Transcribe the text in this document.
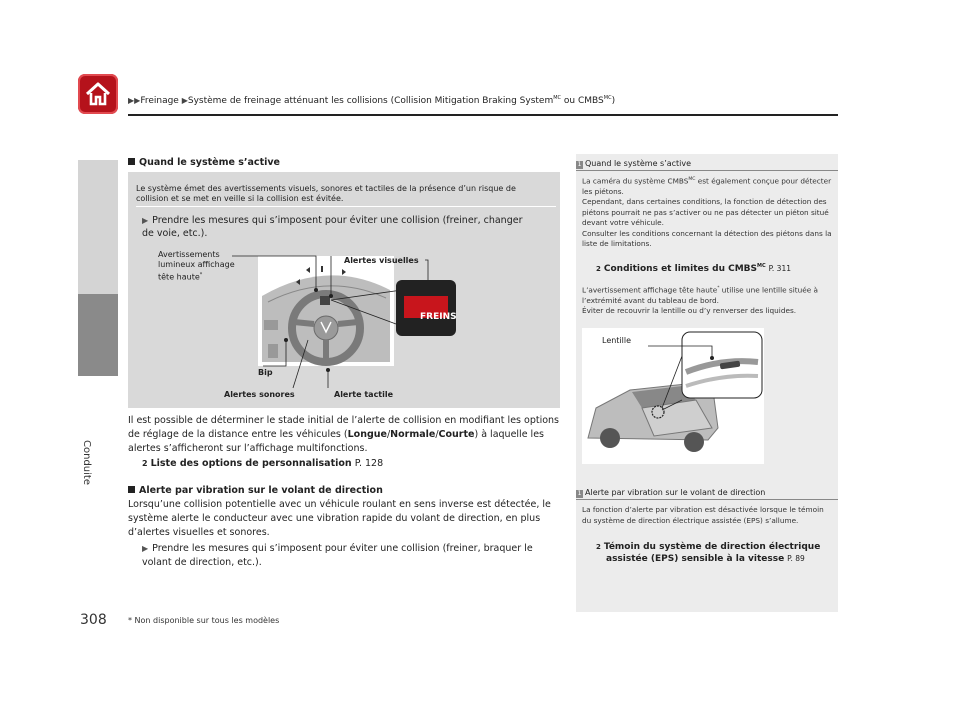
▶▶Freinage ▶Système de freinage atténuant les collisions (Collision Mitigation Braking System$^{MC}$ ou $CMBS^{MC}$)
Conduite
308
Quand le système s’active
Le système émet des avertissements visuels, sonores et tactiles de la présence d’un risque de collision et se met en veille si la collision est évitée.
▶ Prendre les mesures qui s’imposent pour éviter une collision (freiner, changer de voie, etc.).
FREINS
Avertissements
lumineux affichage
tête haute*
Alertes visuelles
Bip
Alertes sonores	Alerte tactile
Il est possible de déterminer le stade initial de l’alerte de collision en modifiant les options de réglage de la distance entre les véhicules (Longue/Normale/Courte) à laquelle les alertes s’afficheront sur l’affichage multifonctions.
2 Liste des options de personnalisation P. 128
Alerte par vibration sur le volant de direction
Lorsqu’une collision potentielle avec un véhicule roulant en sens inverse est détectée, le système alerte le conducteur avec une vibration rapide du volant de direction, en plus d’alertes visuelles et sonores.
▶ Prendre les mesures qui s’imposent pour éviter une collision (freiner, braquer le volant de direction, etc.).
1 Quand le système s’active
La caméra du système $CMBS^{MC}$ est également conçue pour détecter les piétons.
Cependant, dans certaines conditions, la fonction de détection des piétons pourrait ne pas s’activer ou ne pas détecter un piéton situé devant votre véhicule.
Consulter les conditions concernant la détection des piétons dans la liste de limitations.
2 Conditions et limites du $CMBS^{MC}$ P. 311
L’avertissement affichage tête haute* utilise une lentille située à l’extrémité avant du tableau de bord.
Éviter de recouvrir la lentille ou d’y renverser des liquides.
Lentille
1 Alerte par vibration sur le volant de direction
La fonction d’alerte par vibration est désactivée lorsque le témoin du système de direction électrique assistée (EPS) s’allume.
2 Témoin du système de direction électrique
assistée (EPS) sensible à la vitesse P. 89
* Non disponible sur tous les modèles
